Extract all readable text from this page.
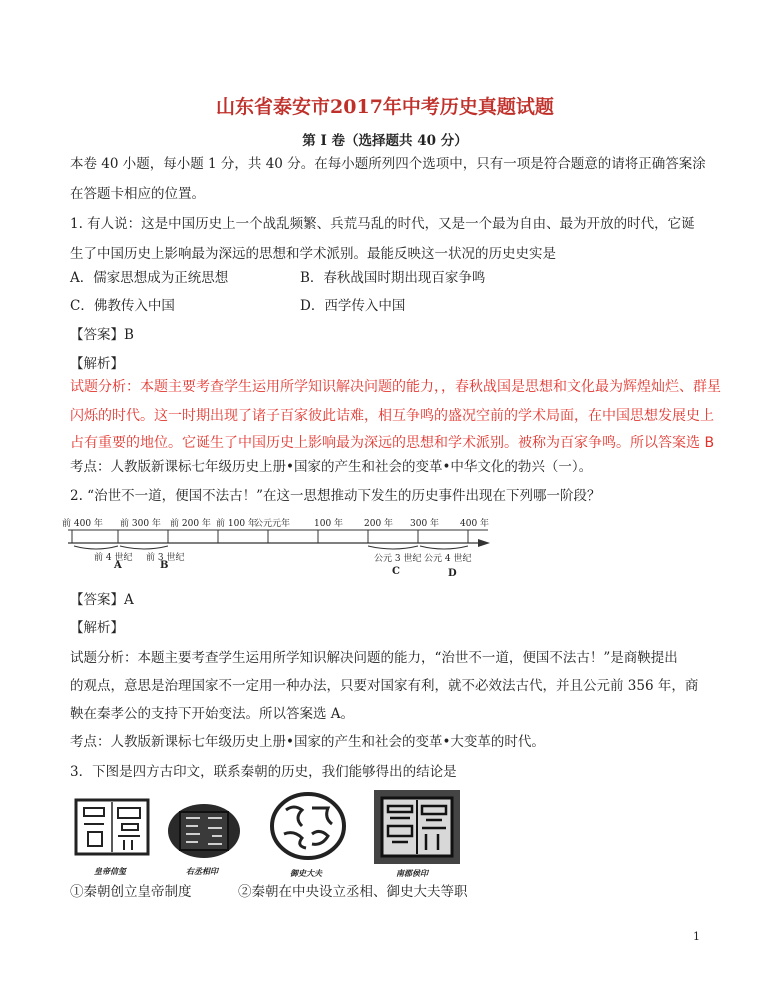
山东省泰安市2017年中考历史真题试题
第 I 卷（选择题共 40 分）
本卷 40 小题，每小题 1 分，共 40 分。在每小题所列四个选项中，只有一项是符合题意的请将正确答案涂
在答题卡相应的位置。
1. 有人说：这是中国历史上一个战乱频繁、兵荒马乱的时代，又是一个最为自由、最为开放的时代，它诞
生了中国历史上影响最为深远的思想和学术派别。最能反映这一状况的历史史实是
A．儒家思想成为正统思想	B．春秋战国时期出现百家争鸣
C．佛教传入中国	D．西学传入中国
【答案】B
【解析】
试题分析：本题主要考查学生运用所学知识解决问题的能力，，春秋战国是思想和文化最为辉煌灿烂、群星
闪烁的时代。这一时期出现了诸子百家彼此诘难，相互争鸣的盛况空前的学术局面，在中国思想发展史上
占有重要的地位。它诞生了中国历史上影响最为深远的思想和学术派别。被称为百家争鸣。所以答案选 B
考点：人教版新课标七年级历史上册•国家的产生和社会的变革•中华文化的勃兴（一）。
2. “治世不一道，便国不法古！”在这一思想推动下发生的历史事件出现在下列哪一阶段？
前 400 年 前 300 年 前 200 年 前 100 年
公元元年	100 年 200 年 300 年 400 年
前 4 世纪 前 3 世纪	公元 3 世纪 公元 4 世纪
A	B
C	D
【答案】A
【解析】
试题分析：本题主要考查学生运用所学知识解决问题的能力，“治世不一道，便国不法古！”是商鞅提出
的观点，意思是治理国家不一定用一种办法，只要对国家有利，就不必效法古代，并且公元前 356 年，商
鞅在秦孝公的支持下开始变法。所以答案选 A。
考点：人教版新课标七年级历史上册•国家的产生和社会的变革•大变革的时代。
3．下图是四方古印文，联系秦朝的历史，我们能够得出的结论是
皇帝信玺	右丞相印	御史大夫	南郡侯印
①秦朝创立皇帝制度	②秦朝在中央设立丞相、御史大夫等职
1
